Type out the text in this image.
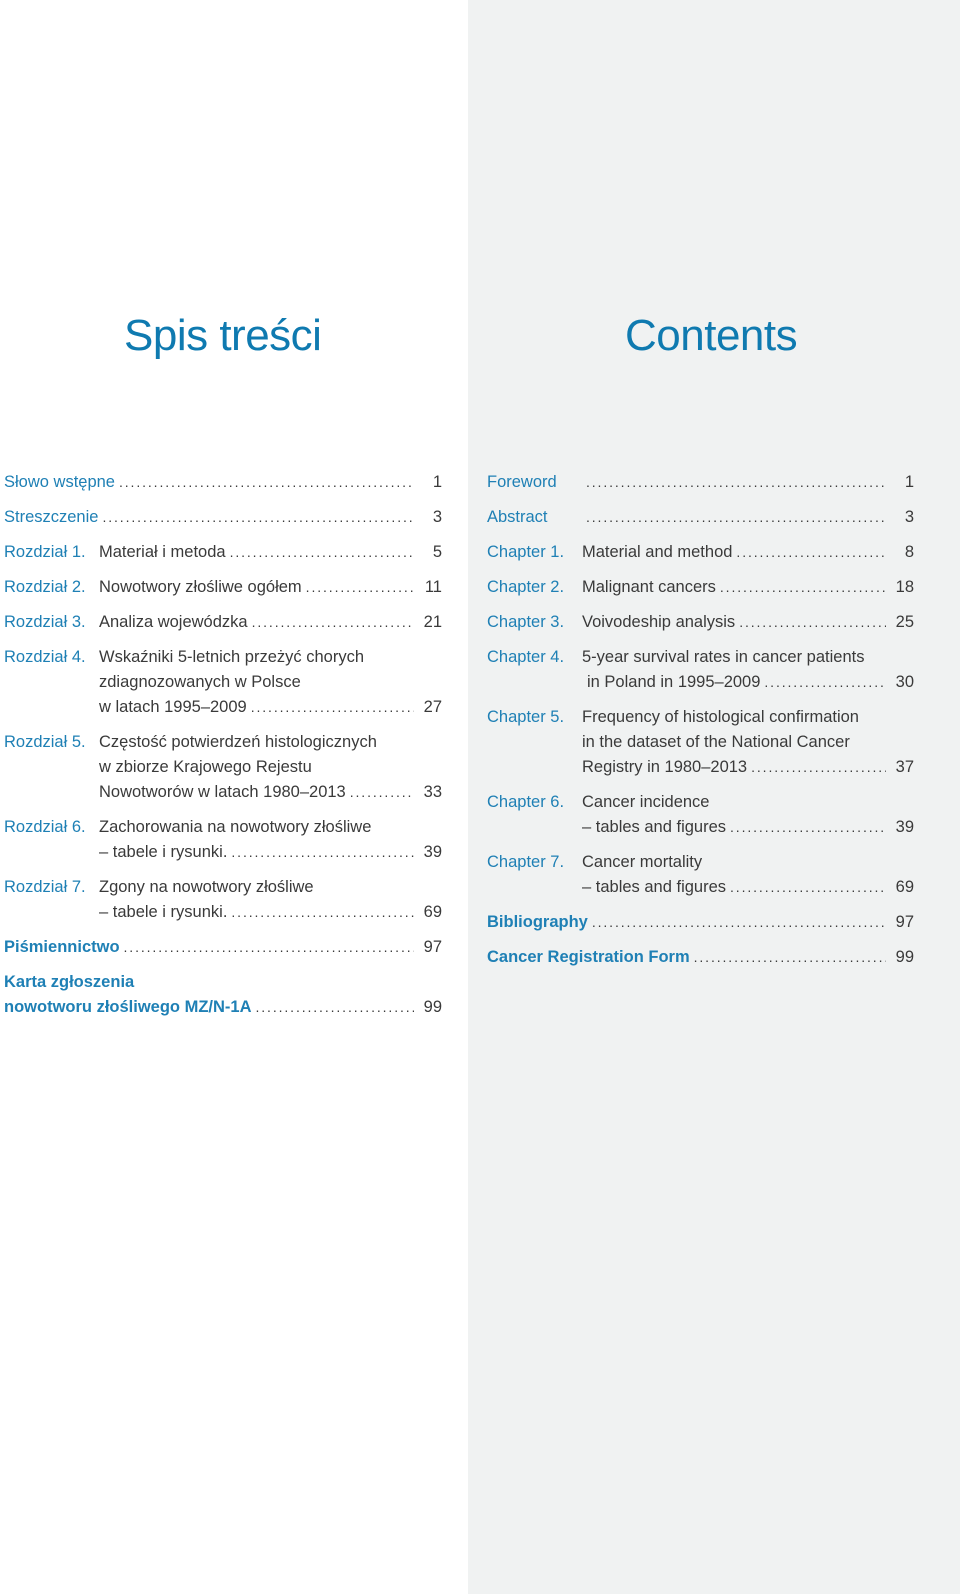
Spis treści
Słowo wstępne . . .	1
Streszczenie . . .	3
Rozdział 1. Materiał i metoda . . .	5
Rozdział 2. Nowotwory złośliwe ogółem . . .	11
Rozdział 3. Analiza wojewódzka . . .	21
Rozdział 4. Wskaźniki 5-letnich przeżyć chorych
zdiagnozowanych w Polsce
w latach 1995–2009 . . .	27
Rozdział 5. Częstość potwierdzeń histologicznych
w zbiorze Krajowego Rejestu
Nowotworów w latach 1980–2013 . . .	33
Rozdział 6. Zachorowania na nowotwory złośliwe
– tabele i rysunki. . . .	39
Rozdział 7. Zgony na nowotwory złośliwe
– tabele i rysunki. . . .	69
Piśmiennictwo . . .	97
Karta zgłoszenia
nowotworu złośliwego MZ/N-1A . . .	99
Contents
Foreword . . .	1
Abstract . . .	3
Chapter 1.	Material and method . . .	8
Chapter 2.	Malignant cancers . . .	18
Chapter 3.	Voivodeship analysis . . .	25
Chapter 4.	5-year survival rates in cancer patients
in Poland in 1995–2009 . . .	30
Chapter 5.	Frequency of histological confirmation
in the dataset of the National Cancer
Registry in 1980–2013 . . .	37
Chapter 6.	Cancer incidence
– tables and figures . . .	39
Chapter 7.	Cancer mortality
– tables and figures . . .	69
Bibliography . . .	97
Cancer Registration Form . . .	99
